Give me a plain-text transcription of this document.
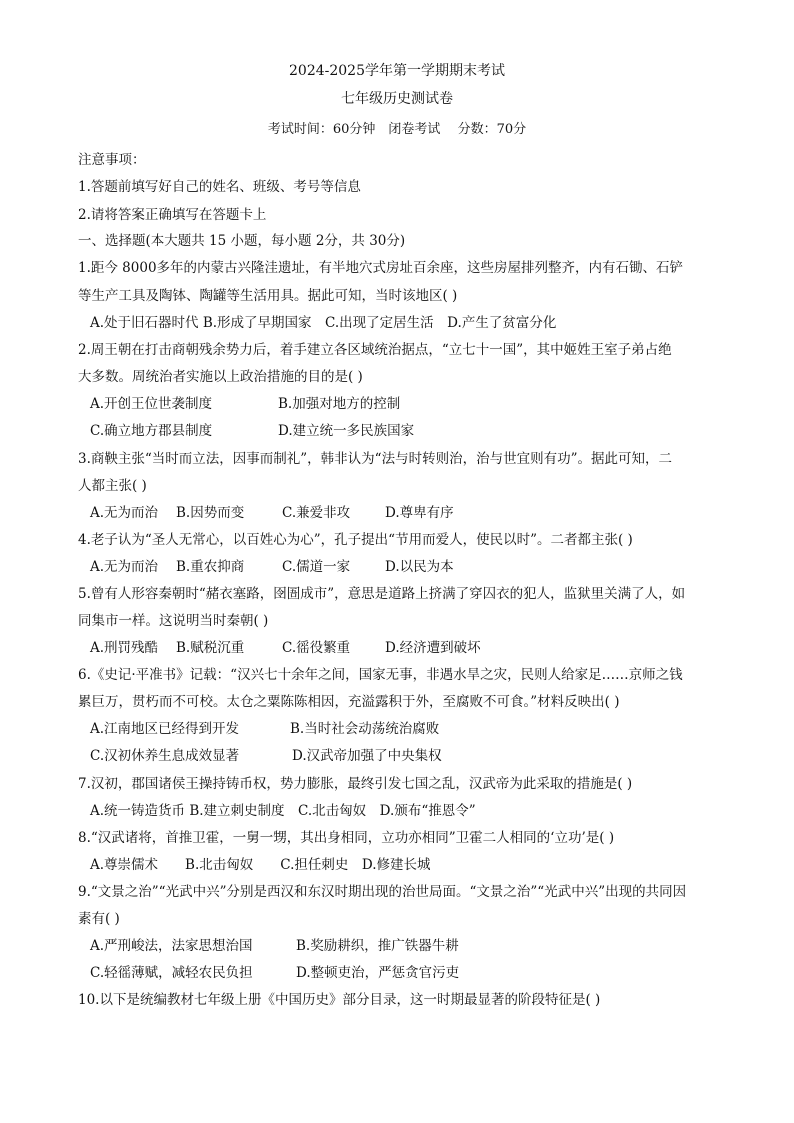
2024-2025学年第一学期期末考试
七年级历史测试卷
考试时间：60分钟　闭卷考试　 分数：70分
注意事项：
1.答题前填写好自己的姓名、班级、考号等信息
2.请将答案正确填写在答题卡上
一、选择题(本大题共 15 小题，每小题 2分，共 30分)
1.距今 8000多年的内蒙古兴隆洼遗址，有半地穴式房址百余座，这些房屋排列整齐，内有石锄、石铲
等生产工具及陶钵、陶罐等生活用具。据此可知，当时该地区( )
A.处于旧石器时代 B.形成了早期国家　C.出现了定居生活　D.产生了贫富分化
2.周王朝在打击商朝残余势力后，着手建立各区域统治据点，“立七十一国”，其中姬姓王室子弟占绝
大多数。周统治者实施以上政治措施的目的是( )
A.开创王位世袭制度	B.加强对地方的控制
C.确立地方郡县制度	D.建立统一多民族国家
3.商鞅主张“当时而立法，因事而制礼”，韩非认为“法与时转则治，治与世宜则有功”。据此可知，二
人都主张( )
A.无为而治 B.因势而变	C.兼爱非攻	D.尊卑有序
4.老子认为“圣人无常心，以百姓心为心”，孔子提出“节用而爱人，使民以时”。二者都主张( )
A.无为而治 B.重农抑商	C.儒道一家	D.以民为本
5.曾有人形容秦朝时“赭衣塞路，囹圄成市”，意思是道路上挤满了穿囚衣的犯人，监狱里关满了人，如
同集市一样。这说明当时秦朝( )
A.刑罚残酷 B.赋税沉重	C.徭役繁重	D.经济遭到破坏
6.《史记·平准书》记载：“汉兴七十余年之间，国家无事，非遇水旱之灾，民则人给家足……京师之钱
累巨万，贯朽而不可校。太仓之粟陈陈相因，充溢露积于外，至腐败不可食。”材料反映出( )
A.江南地区已经得到开发	B.当时社会动荡统治腐败
C.汉初休养生息成效显著	D.汉武帝加强了中央集权
7.汉初，郡国诸侯王操持铸币权，势力膨胀，最终引发七国之乱，汉武帝为此采取的措施是( )
A.统一铸造货币 B.建立刺史制度　C.北击匈奴　D.颁布“推恩令”
8.“汉武诸将，首推卫霍，一舅一甥，其出身相同，立功亦相同”卫霍二人相同的‘立功’是( )
A.尊崇儒术　　B.北击匈奴　　C.担任刺史　D.修建长城
9.“文景之治”“光武中兴”分别是西汉和东汉时期出现的治世局面。“文景之治”“光武中兴”出现的共同因
素有( )
A.严刑峻法，法家思想治国	B.奖励耕织，推广铁器牛耕
C.轻徭薄赋，减轻农民负担	D.整顿吏治，严惩贪官污吏
10.以下是统编教材七年级上册《中国历史》部分目录，这一时期最显著的阶段特征是( )
